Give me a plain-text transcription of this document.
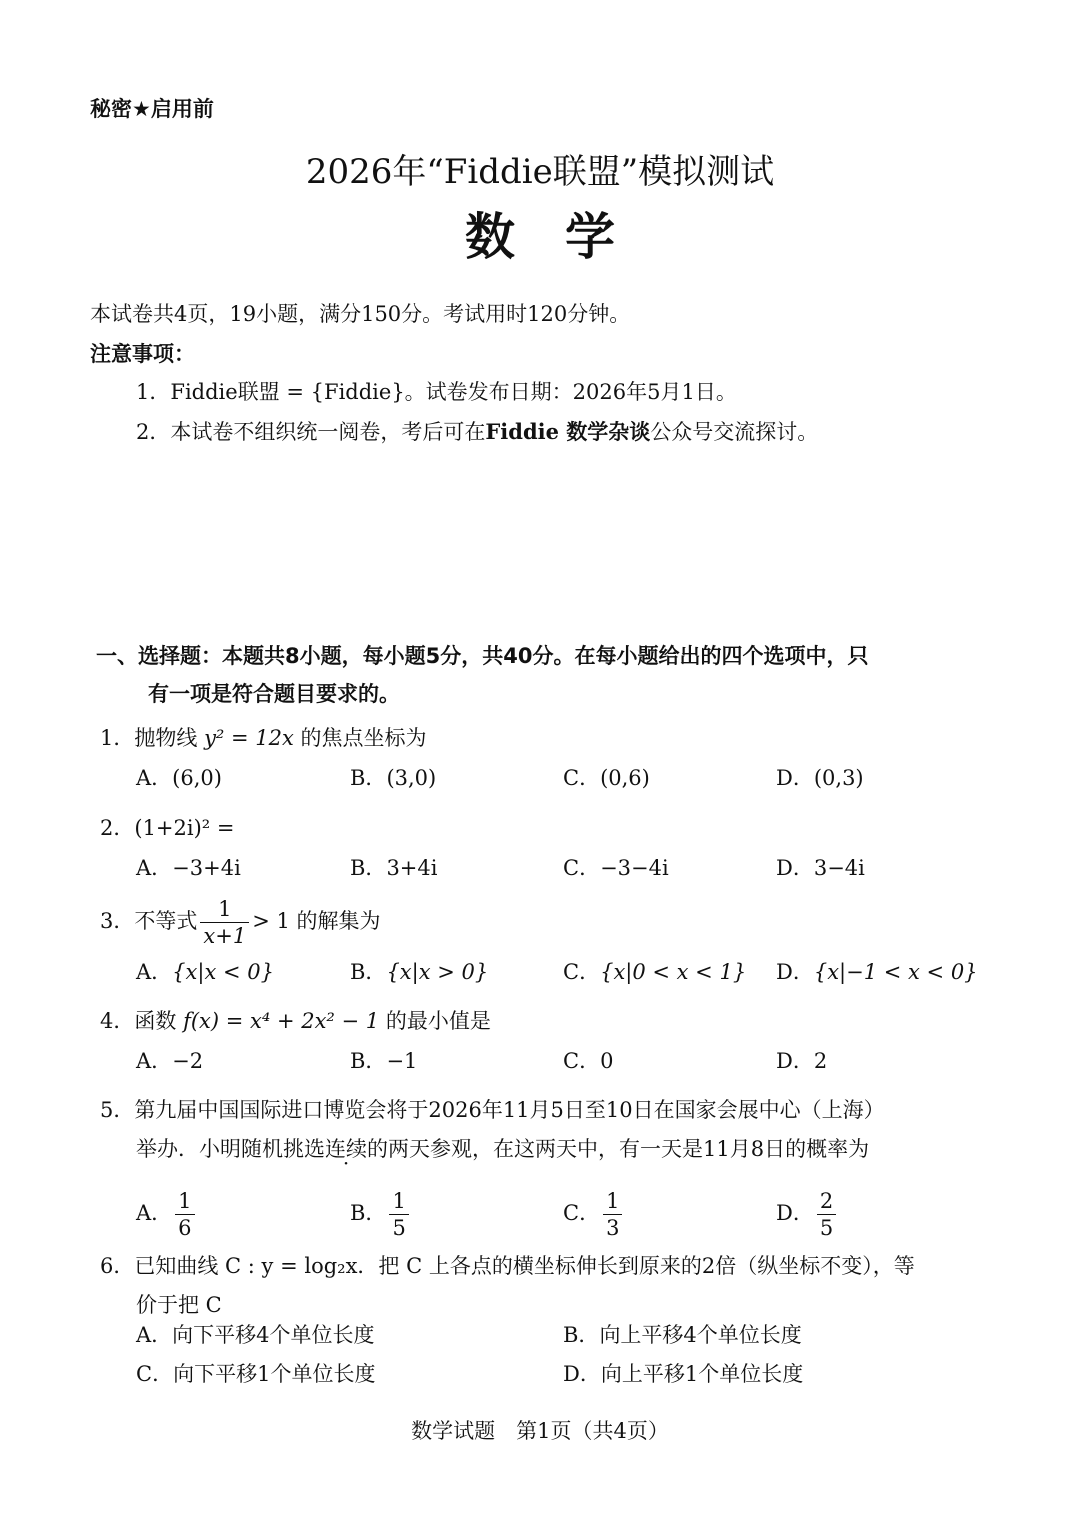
秘密★启用前
2026年“Fiddie联盟”模拟测试
数　学
本试卷共4页，19小题，满分150分。考试用时120分钟。
注意事项：
1．Fiddie联盟 = {Fiddie}。试卷发布日期：2026年5月1日。
2．本试卷不组织统一阅卷，考后可在Fiddie 数学杂谈公众号交流探讨。
一、选择题：本题共8小题，每小题5分，共40分。在每小题给出的四个选项中，只
有一项是符合题目要求的。
1．抛物线 y² = 12x 的焦点坐标为
A．(6,0)	B．(3,0)	C．(0,6)	D．(0,3)
2．(1+2i)² =
A．−3+4i	B．3+4i	C．−3−4i	D．3−4i
3．不等式 $\frac{1}{x+1} > 1$ 的解集为
A．{x|x < 0}	B．{x|x > 0}	C．{x|0 < x < 1} D．{x|−1 < x < 0}
4．函数 f(x) = x⁴ + 2x² − 1 的最小值是
A．−2	B．−1	C．0	D．2
5．第九届中国国际进口博览会将于2026年11月5日至10日在国家会展中心（上海）
举办．小明随机挑选连续的两天参观，在这两天中，有一天是11月8日的概率为
A． $\frac{1}{6}$	B． $\frac{1}{5}$	C． $\frac{1}{3}$	D． $\frac{2}{5}$
6．已知曲线 C : y = log₂x．把 C 上各点的横坐标伸长到原来的2倍（纵坐标不变），等
价于把 C
A．向下平移4个单位长度	B．向上平移4个单位长度
C．向下平移1个单位长度	D．向上平移1个单位长度
数学试题　第1页（共4页）
